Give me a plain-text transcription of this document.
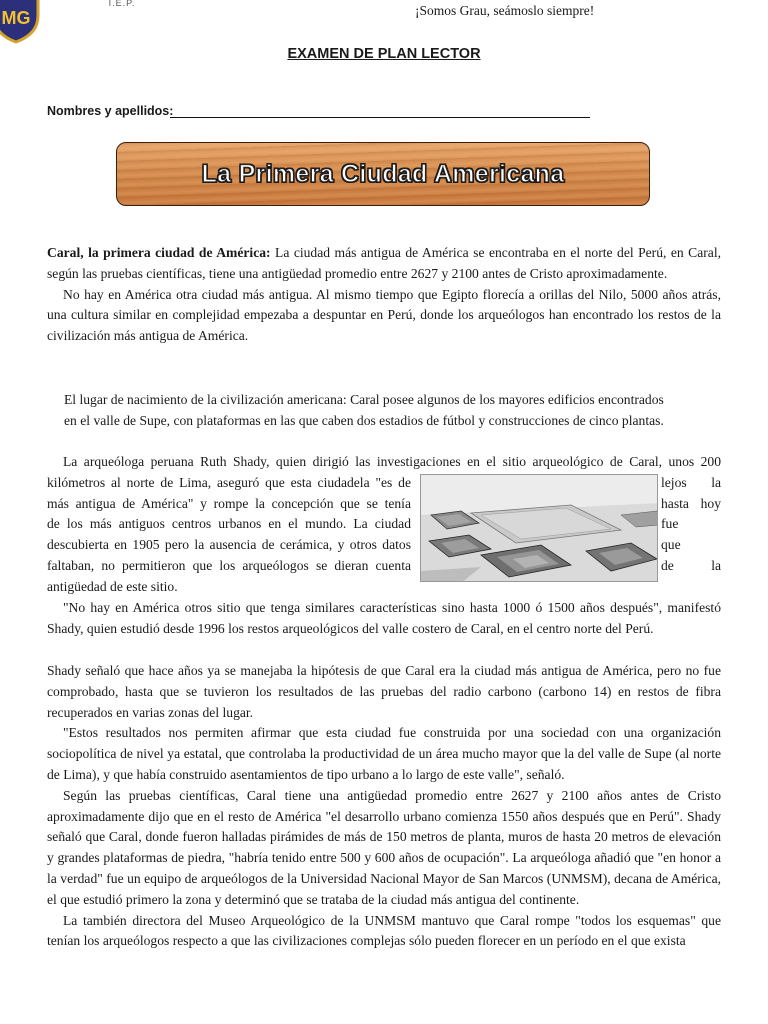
MG
I.E.P.	¡Somos Grau, seámoslo siempre!
EXAMEN DE PLAN LECTOR
Nombres y apellidos:
La Primera Ciudad Americana

Caral, la primera ciudad de América: La ciudad más antigua de América se encontraba en el norte del Perú, en Caral, según las pruebas científicas, tiene una antigüedad promedio entre 2627 y 2100 antes de Cristo aproximadamente.

No hay en América otra ciudad más antigua. Al mismo tiempo que Egipto florecía a orillas del Nilo, 5000 años atrás, una cultura similar en complejidad empezaba a despuntar en Perú, donde los arqueólogos han encontrado los restos de la civilización más antigua de América.

El lugar de nacimiento de la civilización americana: Caral posee algunos de los mayores edificios encontrados
en el valle de Supe, con plataformas en las que caben dos estadios de fútbol y construcciones de cinco plantas.
La arqueóloga peruana Ruth Shady, quien dirigió las investigaciones en el sitio arqueológico de Caral, unos 200
kilómetros al norte de Lima, aseguró que esta ciudadela "es de	lejos la
más antigua de América" y rompe la concepción que se tenía	hasta hoy
de los más antiguos centros urbanos en el mundo. La ciudad	fue
descubierta en 1905 pero la ausencia de cerámica, y otros datos	que
faltaban, no permitieron que los arqueólogos se dieran cuenta	de	la
antigüedad de este sitio.

"No hay en América otros sitio que tenga similares características sino hasta 1000 ó 1500 años después", manifestó Shady, quien estudió desde 1996 los restos arqueológicos del valle costero de Caral, en el centro norte del Perú.

Shady señaló que hace años ya se manejaba la hipótesis de que Caral era la ciudad más antigua de América, pero no fue comprobado, hasta que se tuvieron los resultados de las pruebas del radio carbono (carbono 14) en restos de fibra recuperados en varias zonas del lugar.

"Estos resultados nos permiten afirmar que esta ciudad fue construida por una sociedad con una organización sociopolítica de nivel ya estatal, que controlaba la productividad de un área mucho mayor que la del valle de Supe (al norte de Lima), y que había construido asentamientos de tipo urbano a lo largo de este valle", señaló.

Según las pruebas científicas, Caral tiene una antigüedad promedio entre 2627 y 2100 años antes de Cristo aproximadamente dijo que en el resto de América "el desarrollo urbano comienza 1550 años después que en Perú". Shady señaló que Caral, donde fueron halladas pirámides de más de 150 metros de planta, muros de hasta 20 metros de elevación y grandes plataformas de piedra, "habría tenido entre 500 y 600 años de ocupación". La arqueóloga añadió que "en honor a la verdad" fue un equipo de arqueólogos de la Universidad Nacional Mayor de San Marcos (UNMSM), decana de América, el que estudió primero la zona y determinó que se trataba de la ciudad más antigua del continente.

La también directora del Museo Arqueológico de la UNMSM mantuvo que Caral rompe "todos los esquemas" que tenían los arqueólogos respecto a que las civilizaciones complejas sólo pueden florecer en un período en el que exista
